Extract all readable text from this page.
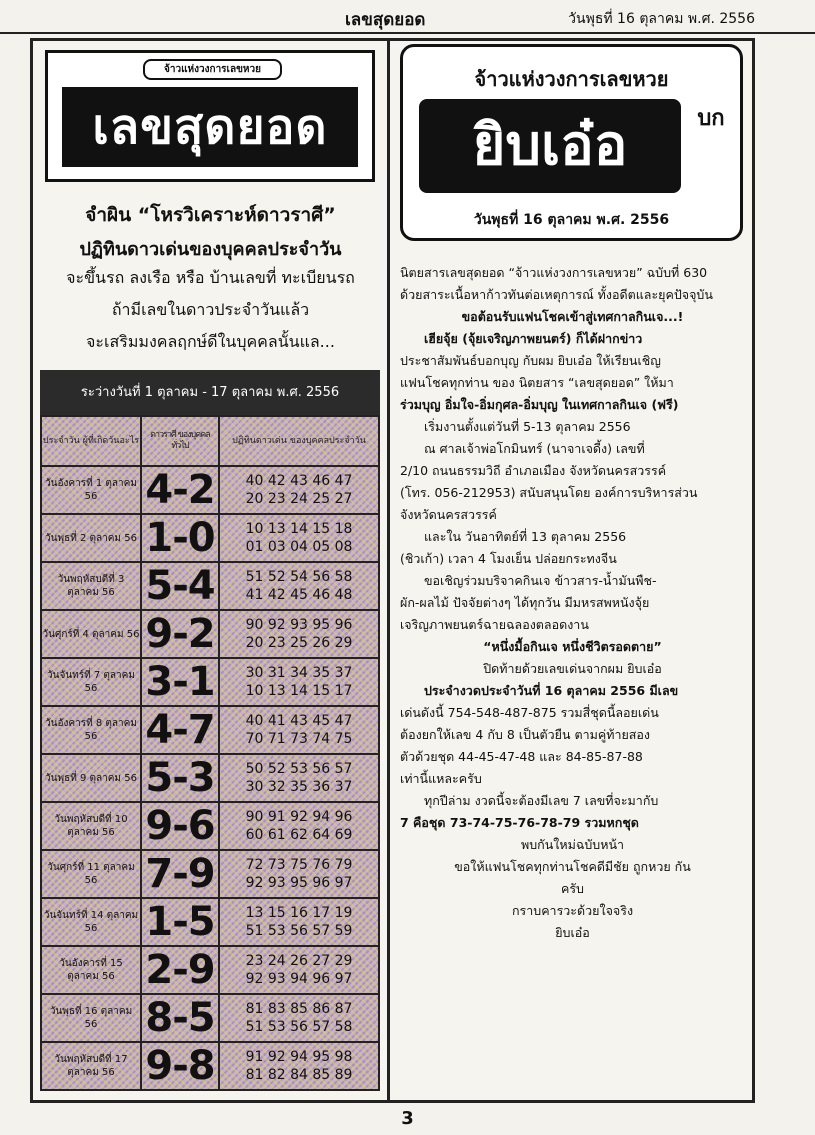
เลขสุดยอด	วันพุธที่ 16 ตุลาคม พ.ศ. 2556
จ้าวแห่งวงการเลขหวย
เลขสุดยอด
จำผิน “โหรวิเคราะห์ดาวราศี”
ปฏิทินดาวเด่นของบุคคลประจำวัน
จะขึ้นรถ ลงเรือ หรือ บ้านเลขที่ ทะเบียนรถ
ถ้ามีเลขในดาวประจำวันแล้ว
จะเสริมมงคลฤกษ์ดีในบุคคลนั้นแล...
ระว่างวันที่ 1 ตุลาคม - 17 ตุลาคม พ.ศ. 2556
ประจำวัน ผู้ที่เกิดวันอะไร	ดาวราศี ของบุคคลทั่วไป	ปฏิทินดาวเด่น ของบุคคลประจำวัน
วันอังคารที่ 1 ตุลาคม 56	4-2	40 42 43 46 47
20 23 24 25 27

วันพุธที่ 2 ตุลาคม 56	1-0	10 13 14 15 18
01 03 04 05 08

วันพฤหัสบดีที่ 3 ตุลาคม 56	5-4	51 52 54 56 58
41 42 45 46 48

วันศุกร์ที่ 4 ตุลาคม 56	9-2	90 92 93 95 96
20 23 25 26 29

วันจันทร์ที่ 7 ตุลาคม 56	3-1	30 31 34 35 37
10 13 14 15 17

วันอังคารที่ 8 ตุลาคม 56	4-7	40 41 43 45 47
70 71 73 74 75

วันพุธที่ 9 ตุลาคม 56	5-3	50 52 53 56 57
30 32 35 36 37

วันพฤหัสบดีที่ 10 ตุลาคม 56	9-6	90 91 92 94 96
60 61 62 64 69

วันศุกร์ที่ 11 ตุลาคม 56	7-9	72 73 75 76 79
92 93 95 96 97

วันจันทร์ที่ 14 ตุลาคม 56	1-5	13 15 16 17 19
51 53 56 57 59

วันอังคารที่ 15 ตุลาคม 56	2-9	23 24 26 27 29
92 93 94 96 97

วันพุธที่ 16 ตุลาคม 56	8-5	81 83 85 86 87
51 53 56 57 58

วันพฤหัสบดีที่ 17 ตุลาคม 56	9-8	91 92 94 95 98
81 82 84 85 89
จ้าวแห่งวงการเลขหวย
ยิบเอ๋อ	บก
วันพุธที่ 16 ตุลาคม พ.ศ. 2556
นิตยสารเลขสุดยอด “จ้าวแห่งวงการเลขหวย” ฉบับที่ 630
ด้วยสาระเนื้อหาก้าวทันต่อเหตุการณ์ ทั้งอดีตและยุคปัจจุบัน
ขอต้อนรับแฟนโชคเข้าสู่เทศกาลกินเจ...!
เฮียจุ้ย (จุ้ยเจริญภาพยนตร์) ก็ได้ฝากข่าว
ประชาสัมพันธ์บอกบุญ กับผม ยิบเอ๋อ ให้เรียนเชิญ
แฟนโชคทุกท่าน ของ นิตยสาร “เลขสุดยอด” ให้มา
ร่วมบุญ อิ่มใจ-อิ่มกุศล-อิ่มบุญ ในเทศกาลกินเจ (ฟรี)
เริ่มงานตั้งแต่วันที่ 5-13 ตุลาคม 2556
ณ ศาลเจ้าพ่อโกมินทร์ (นาจาเจดี้ง) เลขที่
2/10 ถนนธรรมวิถี อำเภอเมือง จังหวัดนครสวรรค์
(โทร. 056-212953) สนับสนุนโดย องค์การบริหารส่วน
จังหวัดนครสวรรค์
และใน วันอาทิตย์ที่ 13 ตุลาคม 2556
(ชิวเก้า) เวลา 4 โมงเย็น ปล่อยกระทงจีน
ขอเชิญร่วมบริจาคกินเจ ข้าวสาร-น้ำมันพืช-
ผัก-ผลไม้ ปัจจัยต่างๆ ได้ทุกวัน มีมหรสพหนังจุ้ย
เจริญภาพยนตร์ฉายฉลองตลอดงาน
“หนึ่งมื้อกินเจ หนึ่งชีวิตรอดตาย”
ปิดท้ายด้วยเลขเด่นจากผม ยิบเอ๋อ
ประจำงวดประจำวันที่ 16 ตุลาคม 2556 มีเลข
เด่นดังนี้ 754-548-487-875 รวมสี่ชุดนี้ลอยเด่น
ต้องยกให้เลข 4 กับ 8 เป็นตัวยืน ตามคู่ท้ายสอง
ตัวด้วยชุด 44-45-47-48 และ 84-85-87-88
เท่านี้แหละครับ
ทุกปีล่าม งวดนี้จะต้องมีเลข 7 เลขที่จะมากับ
7 คือชุด 73-74-75-76-78-79 รวมหกชุด
พบกันใหม่ฉบับหน้า
ขอให้แฟนโชคทุกท่านโชคดีมีชัย ถูกหวย กัน
ครับ
กราบคารวะด้วยใจจริง
ยิบเอ๋อ
3
